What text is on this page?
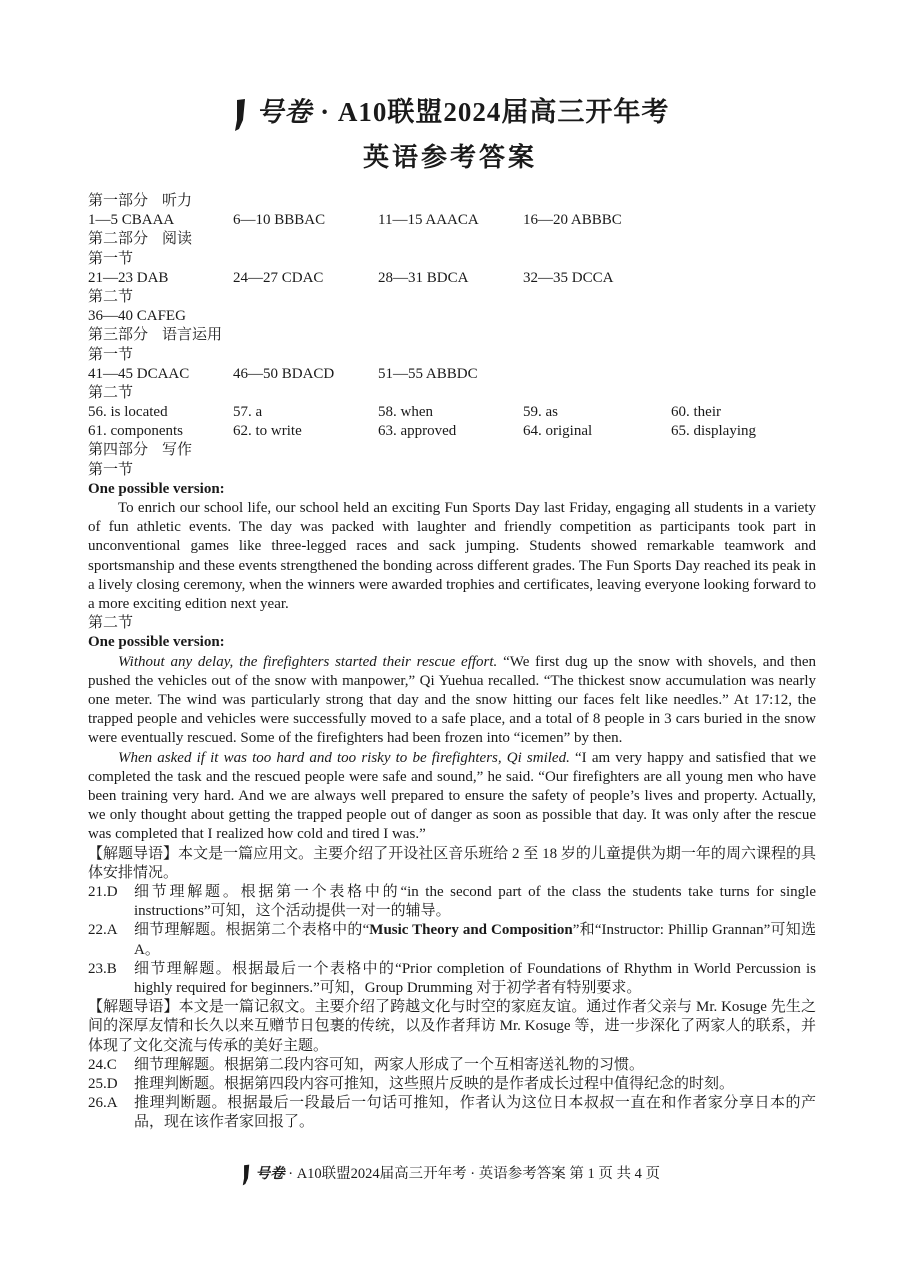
号卷 · A10联盟2024届高三开年考
英语参考答案
第一部分 听力
1—5 CBAAA	6—10 BBBAC	11—15 AAACA	16—20 ABBBC
第二部分 阅读
第一节
21—23 DAB	24—27 CDAC	28—31 BDCA	32—35 DCCA
第二节
36—40 CAFEG
第三部分 语言运用
第一节
41—45 DCAAC	46—50 BDACD	51—55 ABBDC
第二节
56. is located	57. a	58. when	59. as	60. their
61. components	62. to write	63. approved	64. original	65. displaying
第四部分 写作
第一节
One possible version:

To enrich our school life, our school held an exciting Fun Sports Day last Friday, engaging all students in a variety of fun athletic events. The day was packed with laughter and friendly competition as participants took part in unconventional games like three-legged races and sack jumping. Students showed remarkable teamwork and sportsmanship and these events strengthened the bonding across different grades. The Fun Sports Day reached its peak in a lively closing ceremony, when the winners were awarded trophies and certificates, leaving everyone looking forward to a more exciting edition next year.

第二节
One possible version:

Without any delay, the firefighters started their rescue effort. “We first dug up the snow with shovels, and then pushed the vehicles out of the snow with manpower,” Qi Yuehua recalled. “The thickest snow accumulation was nearly one meter. The wind was particularly strong that day and the snow hitting our faces felt like needles.” At 17:12, the trapped people and vehicles were successfully moved to a safe place, and a total of 8 people in 3 cars buried in the snow were eventually rescued. Some of the firefighters had been frozen into “icemen” by then.

When asked if it was too hard and too risky to be firefighters, Qi smiled. “I am very happy and satisfied that we completed the task and the rescued people were safe and sound,” he said. “Our firefighters are all young men who have been training very hard. And we are always well prepared to ensure the safety of people’s lives and property. Actually, we only thought about getting the trapped people out of danger as soon as possible that day. It was only after the rescue was completed that I realized how cold and tired I was.”

【解题导语】本文是一篇应用文。主要介绍了开设社区音乐班给 2 至 18 岁的儿童提供为期一年的周六课程的具体安排情况。

21.D	细节理解题。根据第一个表格中的“in the second part of the class the students take turns for single instructions”可知，这个活动提供一对一的辅导。
22.A	细节理解题。根据第二个表格中的“Music Theory and Composition”和“Instructor: Phillip Grannan”可知选 A。
23.B	细节理解题。根据最后一个表格中的“Prior completion of Foundations of Rhythm in World Percussion is highly required for beginners.”可知，Group Drumming 对于初学者有特别要求。

【解题导语】本文是一篇记叙文。主要介绍了跨越文化与时空的家庭友谊。通过作者父亲与 Mr. Kosuge 先生之间的深厚友情和长久以来互赠节日包裹的传统，以及作者拜访 Mr. Kosuge 等，进一步深化了两家人的联系，并体现了文化交流与传承的美好主题。

24.C	细节理解题。根据第二段内容可知，两家人形成了一个互相寄送礼物的习惯。
25.D	推理判断题。根据第四段内容可推知，这些照片反映的是作者成长过程中值得纪念的时刻。
26.A	推理判断题。根据最后一段最后一句话可推知，作者认为这位日本叔叔一直在和作者家分享日本的产品，现在该作者家回报了。
号卷 · A10联盟2024届高三开年考 · 英语参考答案 第 1 页 共 4 页
